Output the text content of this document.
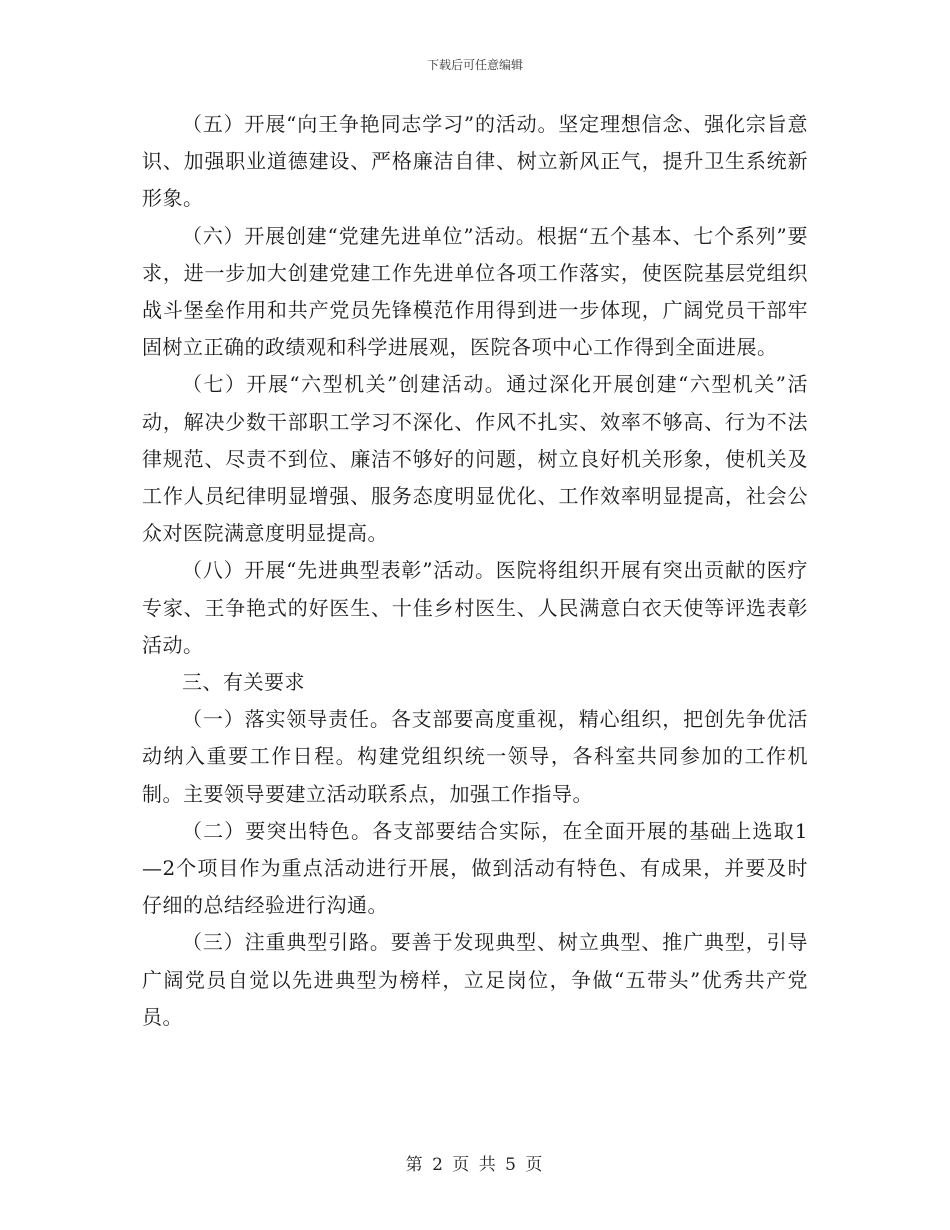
下载后可任意编辑

（五）开展“向王争艳同志学习”的活动。坚定理想信念、强化宗旨意识、加强职业道德建设、严格廉洁自律、树立新风正气，提升卫生系统新形象。

（六）开展创建“党建先进单位”活动。根据“五个基本、七个系列”要求，进一步加大创建党建工作先进单位各项工作落实，使医院基层党组织战斗堡垒作用和共产党员先锋模范作用得到进一步体现，广阔党员干部牢固树立正确的政绩观和科学进展观，医院各项中心工作得到全面进展。

（七）开展“六型机关”创建活动。通过深化开展创建“六型机关”活动，解决少数干部职工学习不深化、作风不扎实、效率不够高、行为不法律规范、尽责不到位、廉洁不够好的问题，树立良好机关形象，使机关及工作人员纪律明显增强、服务态度明显优化、工作效率明显提高，社会公众对医院满意度明显提高。

（八）开展“先进典型表彰”活动。医院将组织开展有突出贡献的医疗专家、王争艳式的好医生、十佳乡村医生、人民满意白衣天使等评选表彰活动。

三、有关要求

（一）落实领导责任。各支部要高度重视，精心组织，把创先争优活动纳入重要工作日程。构建党组织统一领导，各科室共同参加的工作机制。主要领导要建立活动联系点，加强工作指导。

（二）要突出特色。各支部要结合实际，在全面开展的基础上选取1—2个项目作为重点活动进行开展，做到活动有特色、有成果，并要及时仔细的总结经验进行沟通。

（三）注重典型引路。要善于发现典型、树立典型、推广典型，引导广阔党员自觉以先进典型为榜样，立足岗位，争做“五带头”优秀共产党员。

第 2 页 共 5 页
